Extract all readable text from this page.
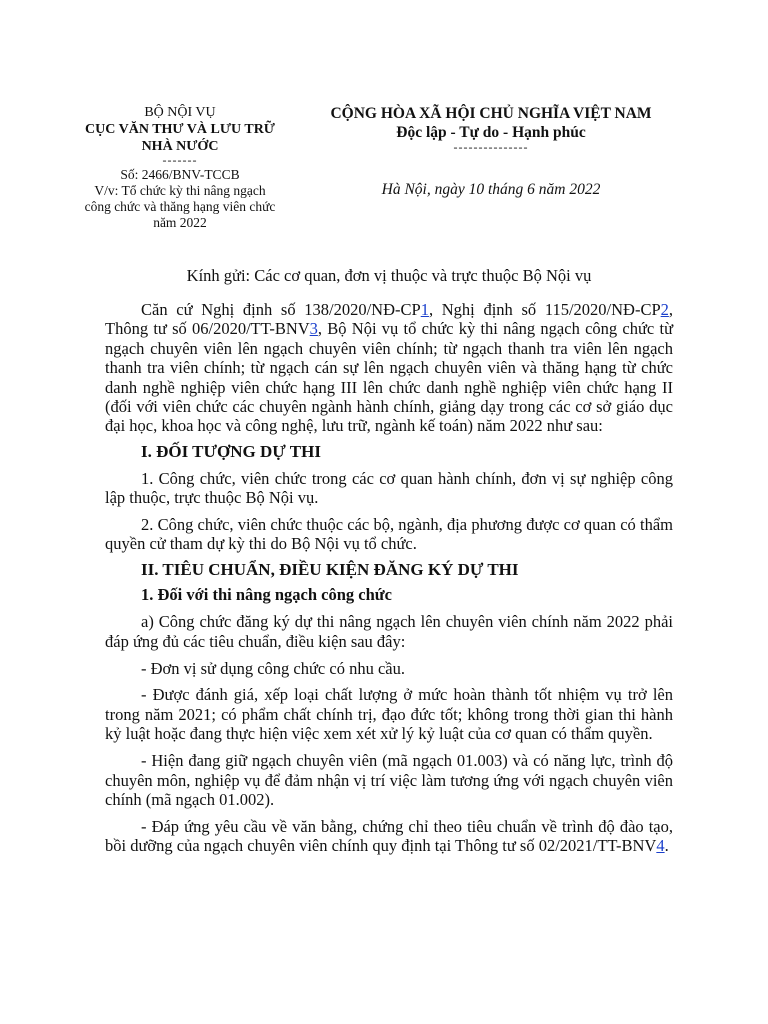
BỘ NỘI VỤ
CỤC VĂN THƯ VÀ LƯU TRỮ NHÀ NƯỚC
-------
Số: 2466/BNV-TCCB
V/v: Tổ chức kỳ thi nâng ngạch công chức và thăng hạng viên chức năm 2022
CỘNG HÒA XÃ HỘI CHỦ NGHĨA VIỆT NAM
Độc lập - Tự do - Hạnh phúc
---------------
Hà Nội, ngày 10 tháng 6 năm 2022
Kính gửi: Các cơ quan, đơn vị thuộc và trực thuộc Bộ Nội vụ

Căn cứ Nghị định số 138/2020/NĐ-CP1, Nghị định số 115/2020/NĐ-CP2, Thông tư số 06/2020/TT-BNV3, Bộ Nội vụ tổ chức kỳ thi nâng ngạch công chức từ ngạch chuyên viên lên ngạch chuyên viên chính; từ ngạch thanh tra viên lên ngạch thanh tra viên chính; từ ngạch cán sự lên ngạch chuyên viên và thăng hạng từ chức danh nghề nghiệp viên chức hạng III lên chức danh nghề nghiệp viên chức hạng II (đối với viên chức các chuyên ngành hành chính, giảng dạy trong các cơ sở giáo dục đại học, khoa học và công nghệ, lưu trữ, ngành kế toán) năm 2022 như sau:

I. ĐỐI TƯỢNG DỰ THI

1. Công chức, viên chức trong các cơ quan hành chính, đơn vị sự nghiệp công lập thuộc, trực thuộc Bộ Nội vụ.

2. Công chức, viên chức thuộc các bộ, ngành, địa phương được cơ quan có thẩm quyền cử tham dự kỳ thi do Bộ Nội vụ tổ chức.

II. TIÊU CHUẨN, ĐIỀU KIỆN ĐĂNG KÝ DỰ THI

1. Đối với thi nâng ngạch công chức

a) Công chức đăng ký dự thi nâng ngạch lên chuyên viên chính năm 2022 phải đáp ứng đủ các tiêu chuẩn, điều kiện sau đây:

- Đơn vị sử dụng công chức có nhu cầu.

- Được đánh giá, xếp loại chất lượng ở mức hoàn thành tốt nhiệm vụ trở lên trong năm 2021; có phẩm chất chính trị, đạo đức tốt; không trong thời gian thi hành kỷ luật hoặc đang thực hiện việc xem xét xử lý kỷ luật của cơ quan có thẩm quyền.

- Hiện đang giữ ngạch chuyên viên (mã ngạch 01.003) và có năng lực, trình độ chuyên môn, nghiệp vụ để đảm nhận vị trí việc làm tương ứng với ngạch chuyên viên chính (mã ngạch 01.002).

- Đáp ứng yêu cầu về văn bằng, chứng chỉ theo tiêu chuẩn về trình độ đào tạo, bồi dưỡng của ngạch chuyên viên chính quy định tại Thông tư số 02/2021/TT-BNV4.
